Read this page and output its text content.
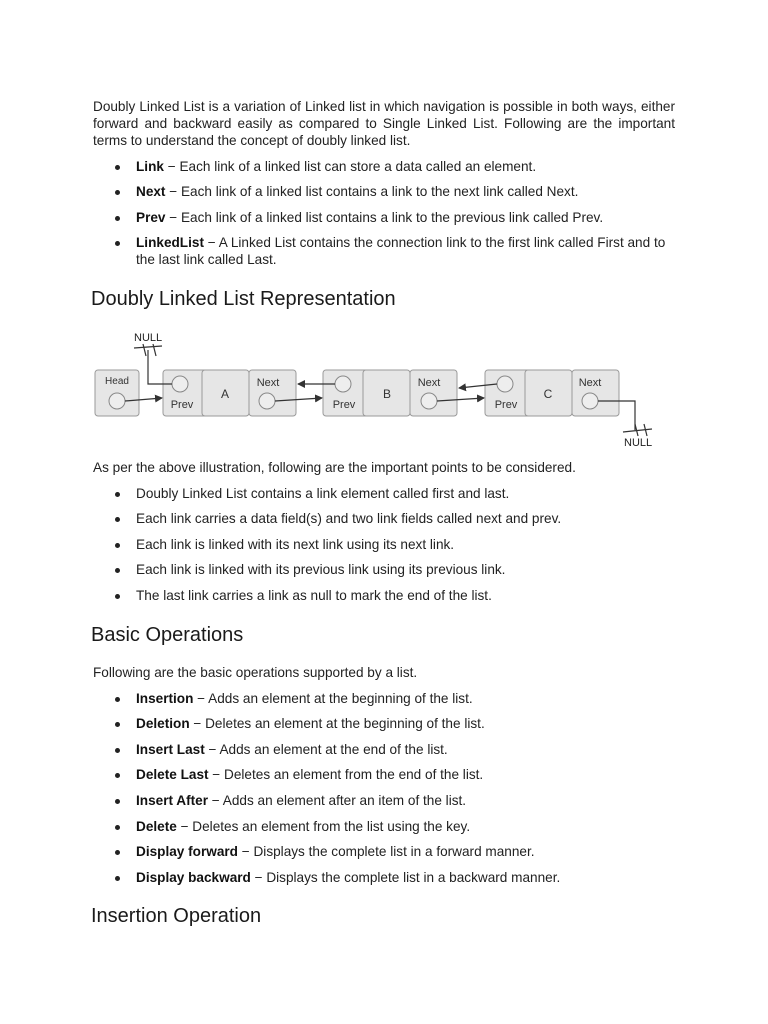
Doubly Linked List is a variation of Linked list in which navigation is possible in both ways, either forward and backward easily as compared to Single Linked List. Following are the important terms to understand the concept of doubly linked list.

Link − Each link of a linked list can store a data called an element.
Next − Each link of a linked list contains a link to the next link called Next.
Prev − Each link of a linked list contains a link to the previous link called Prev.
LinkedList − A Linked List contains the connection link to the first link called First and to the last link called Last.
Doubly Linked List Representation
NULL
Head
Prev
A
Next
Prev
B
Next
Prev
C
Next
NULL

As per the above illustration, following are the important points to be considered.

Doubly Linked List contains a link element called first and last.
Each link carries a data field(s) and two link fields called next and prev.
Each link is linked with its next link using its next link.
Each link is linked with its previous link using its previous link.
The last link carries a link as null to mark the end of the list.
Basic Operations

Following are the basic operations supported by a list.

Insertion − Adds an element at the beginning of the list.
Deletion − Deletes an element at the beginning of the list.
Insert Last − Adds an element at the end of the list.
Delete Last − Deletes an element from the end of the list.
Insert After − Adds an element after an item of the list.
Delete − Deletes an element from the list using the key.
Display forward − Displays the complete list in a forward manner.
Display backward − Displays the complete list in a backward manner.
Insertion Operation
